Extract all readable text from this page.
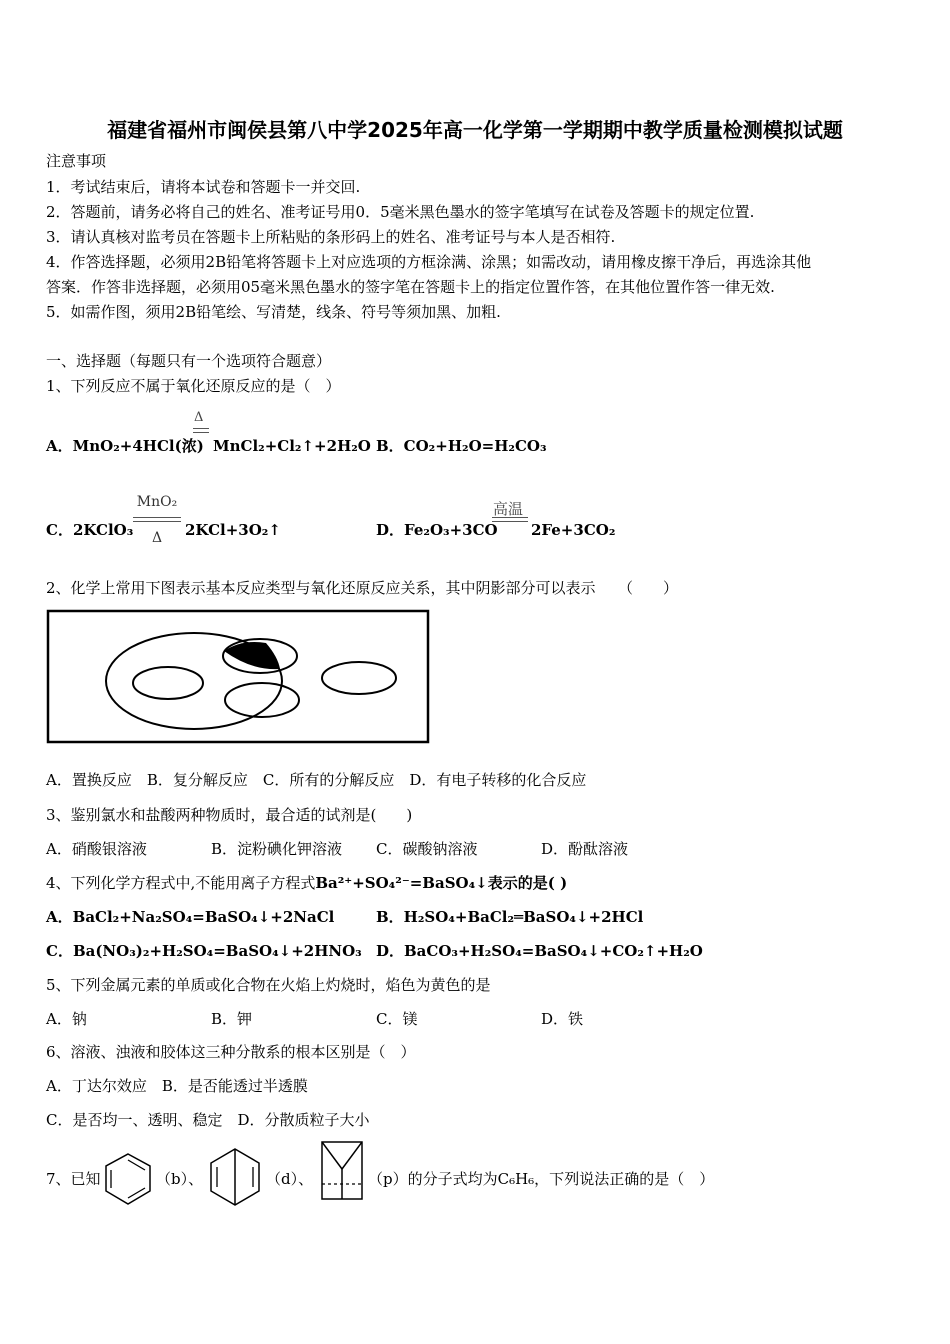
福建省福州市闽侯县第八中学2025年高一化学第一学期期中教学质量检测模拟试题
注意事项
1．考试结束后，请将本试卷和答题卡一并交回.
2．答题前，请务必将自己的姓名、准考证号用0．5毫米黑色墨水的签字笔填写在试卷及答题卡的规定位置.
3．请认真核对监考员在答题卡上所粘贴的条形码上的姓名、准考证号与本人是否相符.
4．作答选择题，必须用2B铅笔将答题卡上对应选项的方框涂满、涂黑；如需改动，请用橡皮擦干净后，再选涂其他
答案．作答非选择题，必须用05毫米黑色墨水的签字笔在答题卡上的指定位置作答，在其他位置作答一律无效.
5．如需作图，须用2B铅笔绘、写清楚，线条、符号等须加黑、加粗.
一、选择题（每题只有一个选项符合题意）
1、下列反应不属于氧化还原反应的是（　）
A．MnO₂+4HCl(浓)
Δ
MnCl₂+Cl₂↑+2H₂O B．CO₂+H₂O=H₂CO₃
C．2KClO₃
MnO₂
Δ	2KCl+3O₂↑	D．Fe₂O₃+3CO
高温
2Fe+3CO₂
2、化学上常用下图表示基本反应类型与氧化还原反应关系，其中阴影部分可以表示　　（　　）
A．置换反应　B．复分解反应　C．所有的分解反应　D．有电子转移的化合反应
3、鉴别氯水和盐酸两种物质时，最合适的试剂是(　　)
A．硝酸银溶液	B．淀粉碘化钾溶液 C．碳酸钠溶液	D．酚酞溶液
4、下列化学方程式中,不能用离子方程式Ba²⁺+SO₄²⁻=BaSO₄↓表示的是( )
A．BaCl₂+Na₂SO₄=BaSO₄↓+2NaCl	B．H₂SO₄+BaCl₂═BaSO₄↓+2HCl
C．Ba(NO₃)₂+H₂SO₄=BaSO₄↓+2HNO₃ D．BaCO₃+H₂SO₄=BaSO₄↓+CO₂↑+H₂O
5、下列金属元素的单质或化合物在火焰上灼烧时，焰色为黄色的是
A．钠	B．钾	C．镁	D．铁
6、溶液、浊液和胶体这三种分散系的根本区别是（　）
A．丁达尔效应　B．是否能透过半透膜
C．是否均一、透明、稳定　D．分散质粒子大小
7、已知	（b）、	（d）、	（p）的分子式均为C₆H₆，下列说法正确的是（　）
